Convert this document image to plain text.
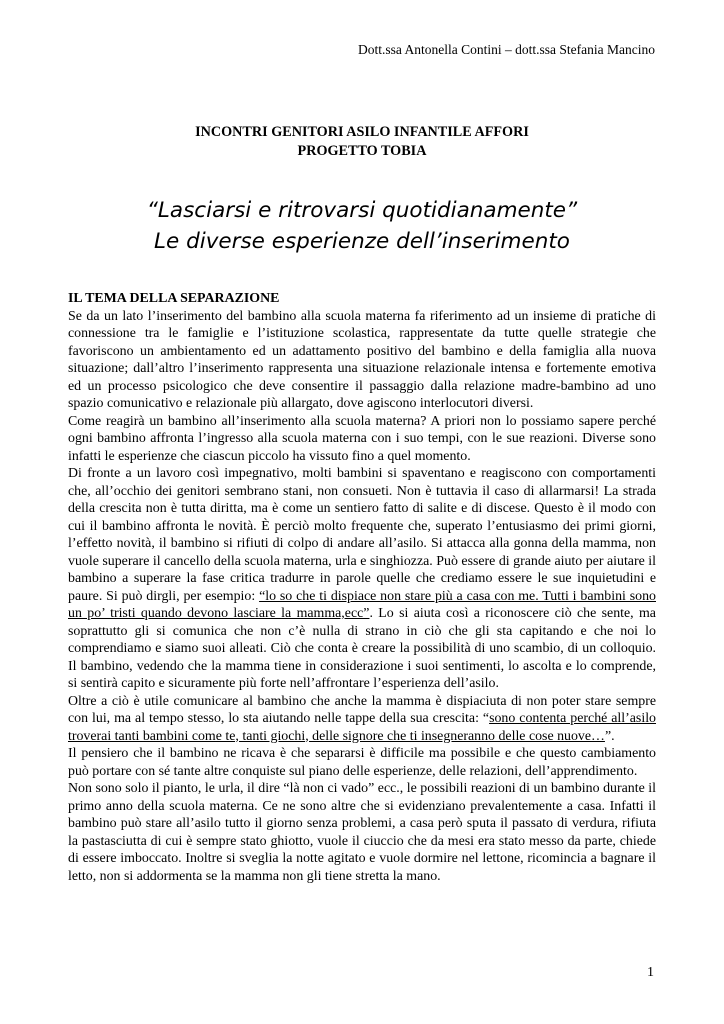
Dott.ssa Antonella Contini – dott.ssa Stefania Mancino
INCONTRI GENITORI ASILO INFANTILE AFFORI
PROGETTO TOBIA
“Lasciarsi e ritrovarsi quotidianamente”
Le diverse esperienze dell’inserimento
IL TEMA DELLA SEPARAZIONE

Se da un lato l’inserimento del bambino alla scuola materna fa riferimento ad un insieme di pratiche di connessione tra le famiglie e l’istituzione scolastica, rappresentate da tutte quelle strategie che favoriscono un ambientamento ed un adattamento positivo del bambino e della famiglia alla nuova situazione; dall’altro l’inserimento rappresenta una situazione relazionale intensa e fortemente emotiva ed un processo psicologico che deve consentire il passaggio dalla relazione madre-bambino ad uno spazio comunicativo e relazionale più allargato, dove agiscono interlocutori diversi.

Come reagirà un bambino all’inserimento alla scuola materna? A priori non lo possiamo sapere perché ogni bambino affronta l’ingresso alla scuola materna con i suo tempi, con le sue reazioni. Diverse sono infatti le esperienze che ciascun piccolo ha vissuto fino a quel momento.

Di fronte a un lavoro così impegnativo, molti bambini si spaventano e reagiscono con comportamenti che, all’occhio dei genitori sembrano stani, non consueti. Non è tuttavia il caso di allarmarsi! La strada della crescita non è tutta diritta, ma è come un sentiero fatto di salite e di discese. Questo è il modo con cui il bambino affronta le novità. È perciò molto frequente che, superato l’entusiasmo dei primi giorni, l’effetto novità, il bambino si rifiuti di colpo di andare all’asilo. Si attacca alla gonna della mamma, non vuole superare il cancello della scuola materna, urla e singhiozza. Può essere di grande aiuto per aiutare il bambino a superare la fase critica tradurre in parole quelle che crediamo essere le sue inquietudini e paure. Si può dirgli, per esempio: “lo so che ti dispiace non stare più a casa con me. Tutti i bambini sono un po’ tristi quando devono lasciare la mamma,ecc”. Lo si aiuta così a riconoscere ciò che sente, ma soprattutto gli si comunica che non c’è nulla di strano in ciò che gli sta capitando e che noi lo comprendiamo e siamo suoi alleati. Ciò che conta è creare la possibilità di uno scambio, di un colloquio. Il bambino, vedendo che la mamma tiene in considerazione i suoi sentimenti, lo ascolta e lo comprende, si sentirà capito e sicuramente più forte nell’affrontare l’esperienza dell’asilo.

Oltre a ciò è utile comunicare al bambino che anche la mamma è dispiaciuta di non poter stare sempre con lui, ma al tempo stesso, lo sta aiutando nelle tappe della sua crescita: “sono contenta perché all’asilo troverai tanti bambini come te, tanti giochi, delle signore che ti insegneranno delle cose nuove…”.

Il pensiero che il bambino ne ricava è che separarsi è difficile ma possibile e che questo cambiamento può portare con sé tante altre conquiste sul piano delle esperienze, delle relazioni, dell’apprendimento.

Non sono solo il pianto, le urla, il dire “là non ci vado” ecc., le possibili reazioni di un bambino durante il primo anno della scuola materna. Ce ne sono altre che si evidenziano prevalentemente a casa. Infatti il bambino può stare all’asilo tutto il giorno senza problemi, a casa però sputa il passato di verdura, rifiuta la pastasciutta di cui è sempre stato ghiotto, vuole il ciuccio che da mesi era stato messo da parte, chiede di essere imboccato. Inoltre si sveglia la notte agitato e vuole dormire nel lettone, ricomincia a bagnare il letto, non si addormenta se la mamma non gli tiene stretta la mano.

1
